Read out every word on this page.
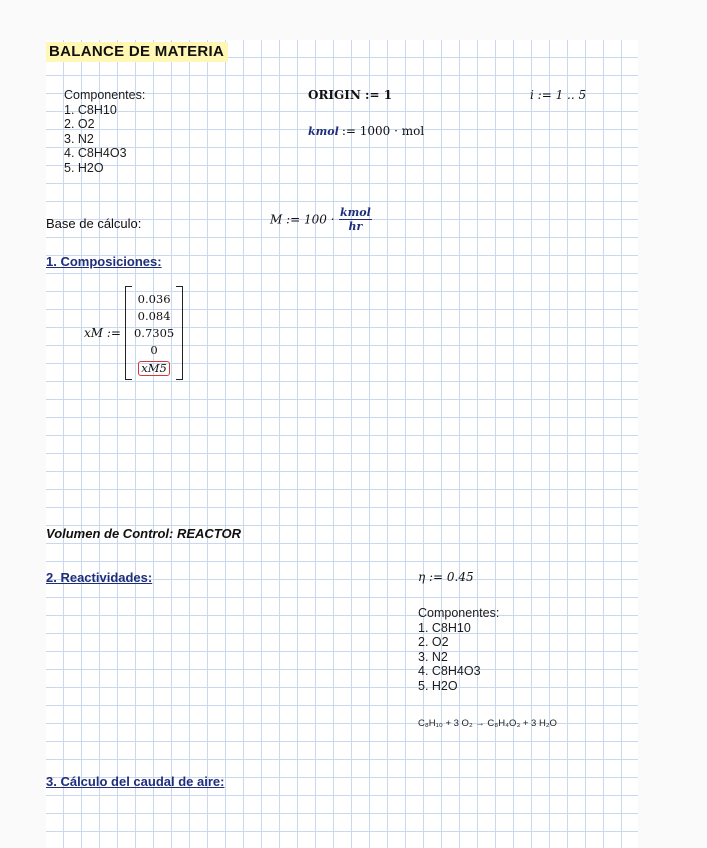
BALANCE DE MATERIA
Componentes:
1. C8H10
2. O2
3. N2
4. C8H4O3
5. H2O
ORIGIN := 1	i := 1 .. 5
kmol := 1000 · mol
Base de cálculo:	M := $100 \cdot \frac{\text{kmol}}{hr}$
1. Composiciones:
xM :=
0.036
0.084
0.7305
0
xM5
Volumen de Control: REACTOR
2. Reactividades:	η := 0.45
Componentes:
1. C8H10
2. O2
3. N2
4. C8H4O3
5. H2O
C₈H₁₀ + 3 O₂ → C₈H₄O₃ + 3 H₂O
3. Cálculo del caudal de aire:
